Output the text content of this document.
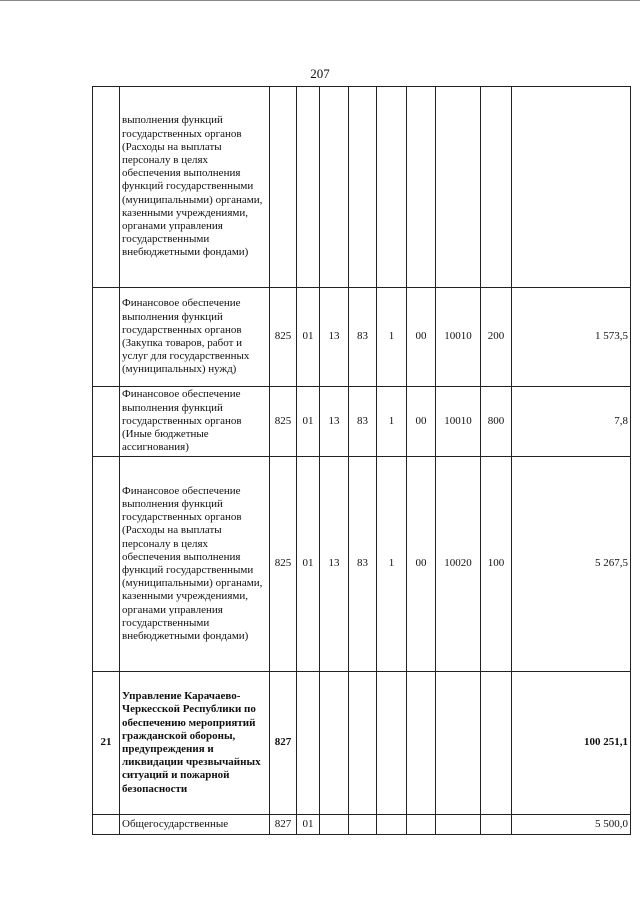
207
	выполнения функций государственных органов (Расходы на выплаты персоналу в целях обеспечения выполнения функций государственными (муниципальными) органами, казенными учреждениями, органами управления государственными внебюджетными фондами)									
	Финансовое обеспечение выполнения функций государственных органов (Закупка товаров, работ и услуг для государственных (муниципальных) нужд)	825	01	13	83	1	00	10010	200	1 573,5
	Финансовое обеспечение выполнения функций государственных органов (Иные бюджетные ассигнования)	825	01	13	83	1	00	10010	800	7,8
	Финансовое обеспечение выполнения функций государственных органов (Расходы на выплаты персоналу в целях обеспечения выполнения функций государственными (муниципальными) органами, казенными учреждениями, органами управления государственными внебюджетными фондами)	825	01	13	83	1	00	10020	100	5 267,5
21	Управление Карачаево-Черкесской Республики по обеспечению мероприятий гражданской обороны, предупреждения и ликвидации чрезвычайных ситуаций и пожарной безопасности	827								100 251,1
	Общегосударственные	827	01							5 500,0
